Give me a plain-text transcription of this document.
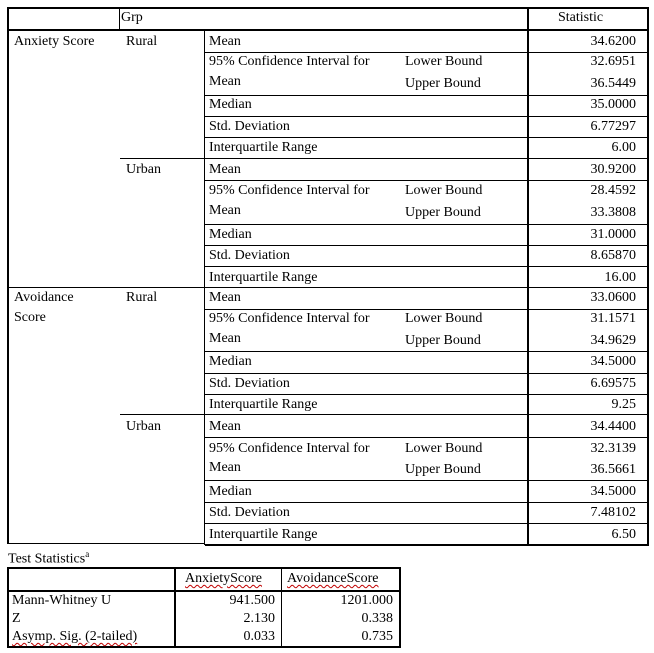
Grp	Statistic
Anxiety Score
Avoidance
Score
Rural
Urban
Rural
Urban
Mean
95% Confidence Interval for
Mean
Lower Bound
Upper Bound
Median
Std. Deviation
Interquartile Range
34.6200
32.6951
36.5449
35.0000
6.77297
6.00
Mean
95% Confidence Interval for
Mean
Lower Bound
Upper Bound
Median
Std. Deviation
Interquartile Range
30.9200
28.4592
33.3808
31.0000
8.65870
16.00
Mean
95% Confidence Interval for
Mean
Lower Bound
Upper Bound
Median
Std. Deviation
Interquartile Range
33.0600
31.1571
34.9629
34.5000
6.69575
9.25
Mean
95% Confidence Interval for
Mean
Lower Bound
Upper Bound
Median
Std. Deviation
Interquartile Range
34.4400
32.3139
36.5661
34.5000
7.48102
6.50
Test Statistics$^a$
AnxietyScore AvoidanceScore
Mann-Whitney U
Z
Asymp. Sig. (2-tailed)
941.500
2.130
0.033
1201.000
0.338
0.735
